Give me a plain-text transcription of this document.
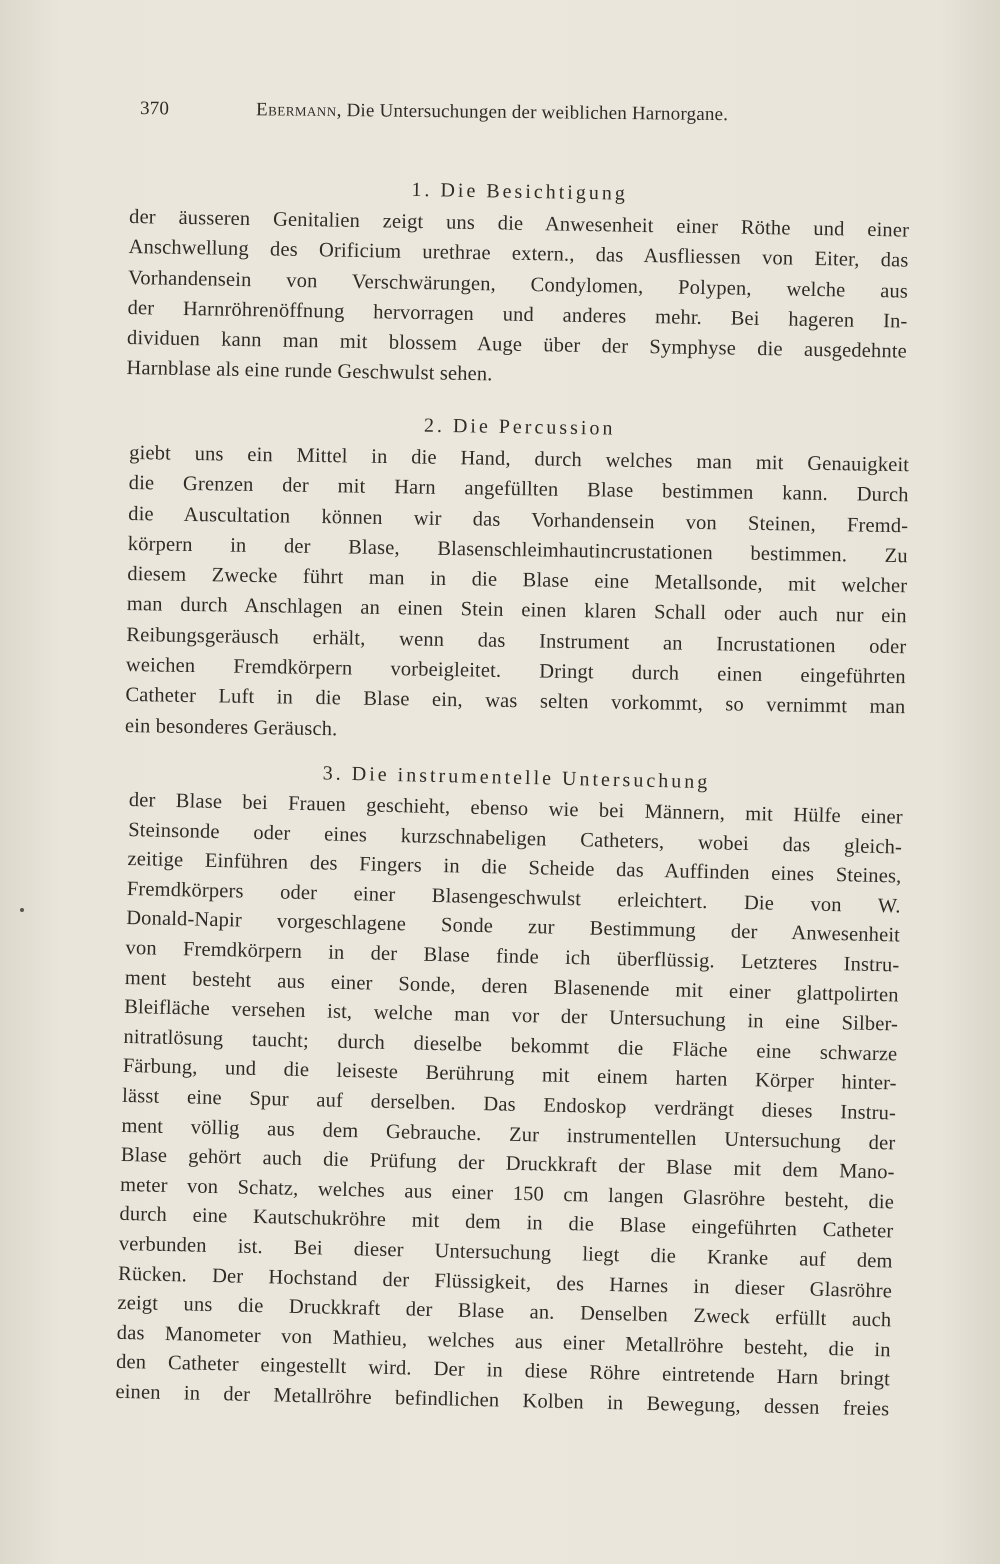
370	Ebermann, Die Untersuchungen der weiblichen Harnorgane.
1. Die Besichtigung
der äusseren Genitalien zeigt uns die Anwesenheit einer Röthe und einer
Anschwellung des Orificium urethrae extern., das Ausfliessen von Eiter, das
Vorhandensein von Verschwärungen, Condylomen, Polypen, welche aus
der Harnröhrenöffnung hervorragen und anderes mehr. Bei hageren In-
dividuen kann man mit blossem Auge über der Symphyse die ausgedehnte
Harnblase als eine runde Geschwulst sehen.
2. Die Percussion
giebt uns ein Mittel in die Hand, durch welches man mit Genauigkeit
die Grenzen der mit Harn angefüllten Blase bestimmen kann. Durch
die Auscultation können wir das Vorhandensein von Steinen, Fremd-
körpern in der Blase, Blasenschleimhautincrustationen bestimmen. Zu
diesem Zwecke führt man in die Blase eine Metallsonde, mit welcher
man durch Anschlagen an einen Stein einen klaren Schall oder auch nur ein
Reibungsgeräusch erhält, wenn das Instrument an Incrustationen oder
weichen Fremdkörpern vorbeigleitet. Dringt durch einen eingeführten
Catheter Luft in die Blase ein, was selten vorkommt, so vernimmt man
ein besonderes Geräusch.
3. Die instrumentelle Untersuchung
der Blase bei Frauen geschieht, ebenso wie bei Männern, mit Hülfe einer
Steinsonde oder eines kurzschnabeligen Catheters, wobei das gleich-
zeitige Einführen des Fingers in die Scheide das Auffinden eines Steines,
Fremdkörpers oder einer Blasengeschwulst erleichtert. Die von W.
Donald-Napir vorgeschlagene Sonde zur Bestimmung der Anwesenheit
von Fremdkörpern in der Blase finde ich überflüssig. Letzteres Instru-
ment besteht aus einer Sonde, deren Blasenende mit einer glattpolirten
Bleifläche versehen ist, welche man vor der Untersuchung in eine Silber-
nitratlösung taucht; durch dieselbe bekommt die Fläche eine schwarze
Färbung, und die leiseste Berührung mit einem harten Körper hinter-
lässt eine Spur auf derselben. Das Endoskop verdrängt dieses Instru-
ment völlig aus dem Gebrauche. Zur instrumentellen Untersuchung der
Blase gehört auch die Prüfung der Druckkraft der Blase mit dem Mano-
meter von Schatz, welches aus einer 150 cm langen Glasröhre besteht, die
durch eine Kautschukröhre mit dem in die Blase eingeführten Catheter
verbunden ist. Bei dieser Untersuchung liegt die Kranke auf dem
Rücken. Der Hochstand der Flüssigkeit, des Harnes in dieser Glasröhre
zeigt uns die Druckkraft der Blase an. Denselben Zweck erfüllt auch
das Manometer von Mathieu, welches aus einer Metallröhre besteht, die in
den Catheter eingestellt wird. Der in diese Röhre eintretende Harn bringt
einen in der Metallröhre befindlichen Kolben in Bewegung, dessen freies
